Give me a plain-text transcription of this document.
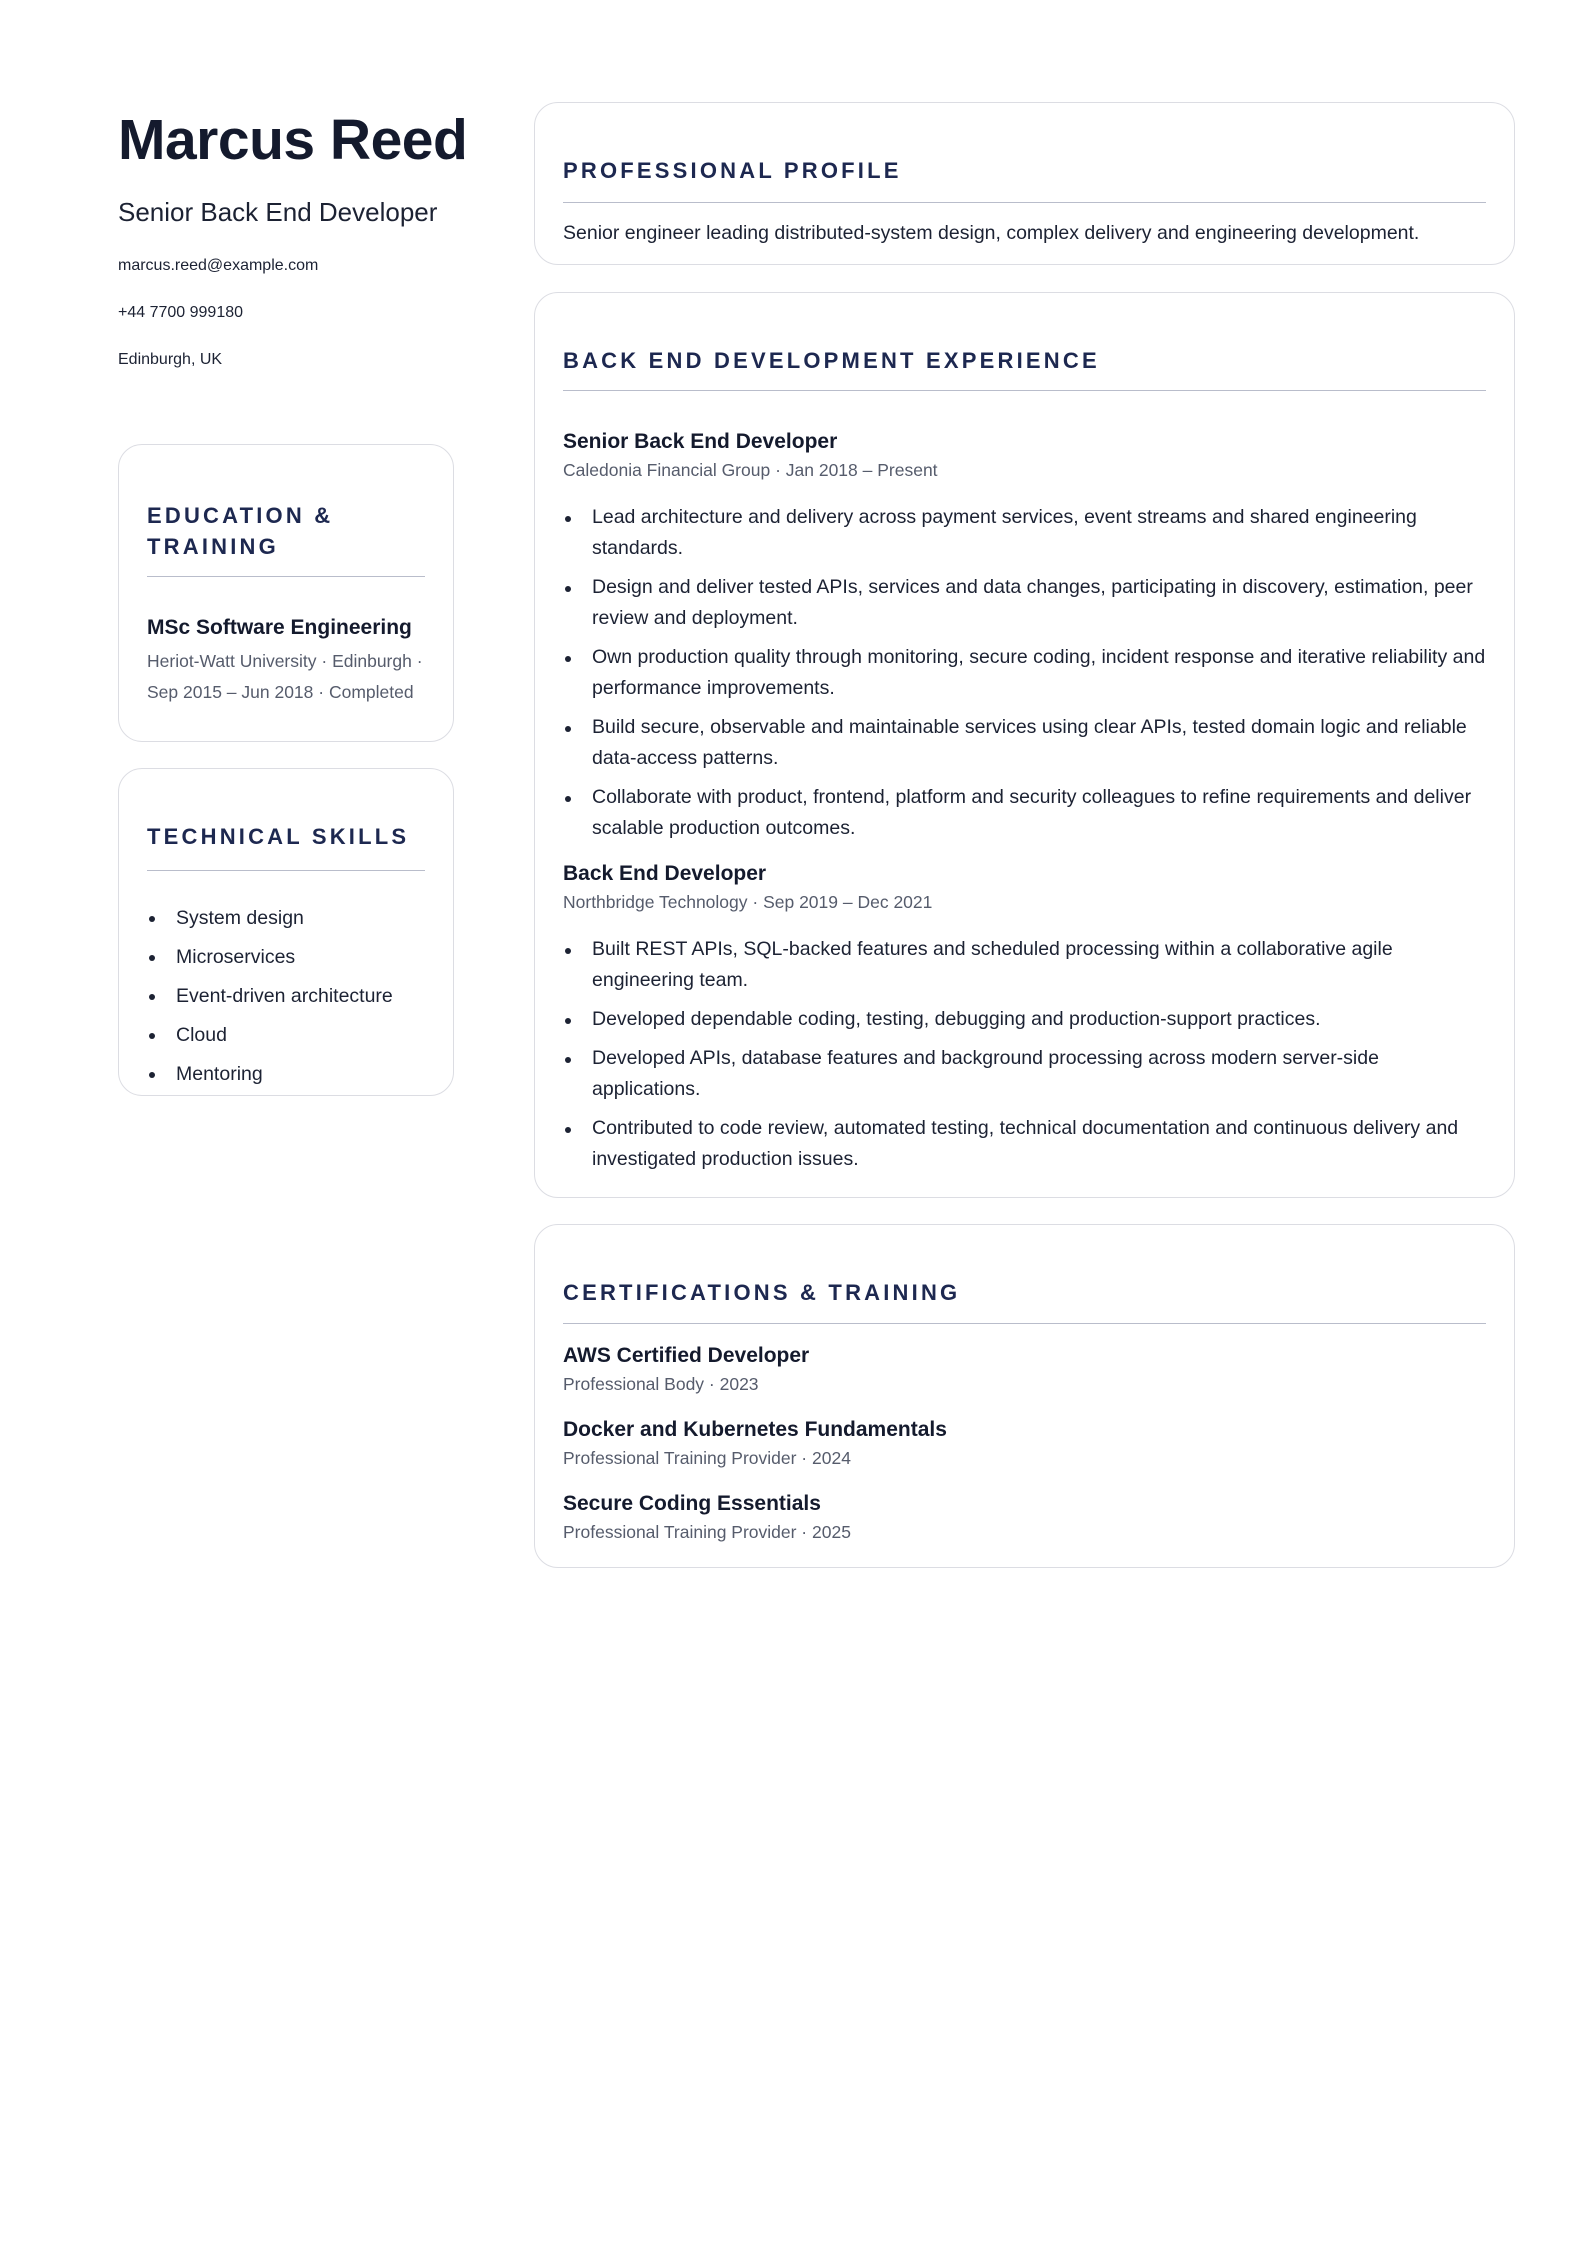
Marcus Reed
Senior Back End Developer
marcus.reed@example.com
+44 7700 999180
Edinburgh, UK
EDUCATION & TRAINING
MSc Software Engineering
Heriot-Watt University · Edinburgh · Sep 2015 – Jun 2018 · Completed
TECHNICAL SKILLS
System design
Microservices
Event-driven architecture
Cloud
Mentoring
PROFESSIONAL PROFILE
Senior engineer leading distributed-system design, complex delivery and engineering development.
BACK END DEVELOPMENT EXPERIENCE
Senior Back End Developer
Caledonia Financial Group · Jan 2018 – Present
Lead architecture and delivery across payment services, event streams and shared engineering standards.
Design and deliver tested APIs, services and data changes, participating in discovery, estimation, peer review and deployment.
Own production quality through monitoring, secure coding, incident response and iterative reliability and performance improvements.
Build secure, observable and maintainable services using clear APIs, tested domain logic and reliable data-access patterns.
Collaborate with product, frontend, platform and security colleagues to refine requirements and deliver scalable production outcomes.
Back End Developer
Northbridge Technology · Sep 2019 – Dec 2021
Built REST APIs, SQL-backed features and scheduled processing within a collaborative agile engineering team.
Developed dependable coding, testing, debugging and production-support practices.
Developed APIs, database features and background processing across modern server-side applications.
Contributed to code review, automated testing, technical documentation and continuous delivery and investigated production issues.
CERTIFICATIONS & TRAINING
AWS Certified Developer
Professional Body · 2023
Docker and Kubernetes Fundamentals
Professional Training Provider · 2024
Secure Coding Essentials
Professional Training Provider · 2025
